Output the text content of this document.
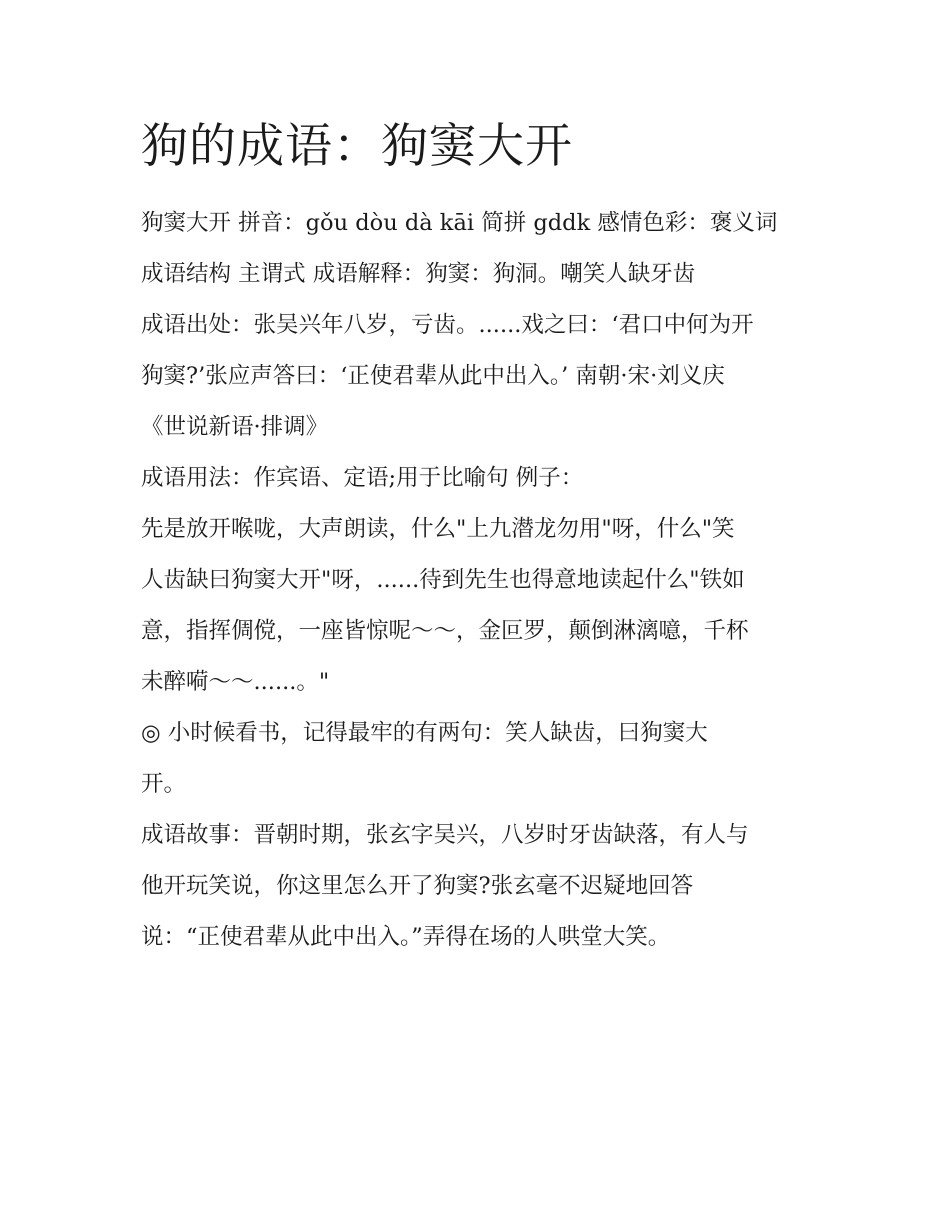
狗的成语：狗窦大开

狗窦大开 拼音：gǒu dòu dà kāi 简拼 gddk 感情色彩：褒义词

成语结构 主谓式 成语解释：狗窦：狗洞。嘲笑人缺牙齿

成语出处：张吴兴年八岁，亏齿。......戏之曰：‘君口中何为开

狗窦?’张应声答曰：‘正使君辈从此中出入。’ 南朝·宋·刘义庆

《世说新语·排调》

成语用法：作宾语、定语;用于比喻句 例子：

先是放开喉咙，大声朗读，什么"上九潜龙勿用"呀，什么"笑

人齿缺曰狗窦大开"呀，......待到先生也得意地读起什么"铁如

意，指挥倜傥，一座皆惊呢～～，金叵罗，颠倒淋漓噫，千杯

未醉嗬～～......。"

◎ 小时候看书，记得最牢的有两句：笑人缺齿，曰狗窦大

开。

成语故事：晋朝时期，张玄字吴兴，八岁时牙齿缺落，有人与

他开玩笑说，你这里怎么开了狗窦?张玄毫不迟疑地回答

说：“正使君辈从此中出入。”弄得在场的人哄堂大笑。
